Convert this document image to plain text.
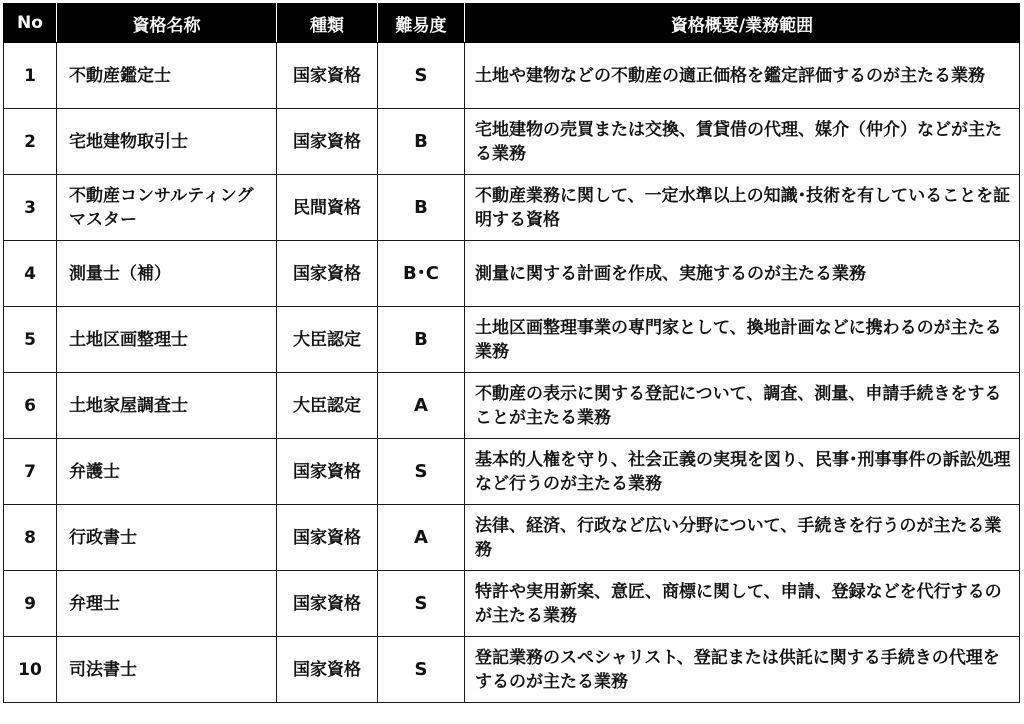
No	資格名称	種類	難易度	資格概要/業務範囲
1	不動産鑑定士	国家資格	S	土地や建物などの不動産の適正価格を鑑定評価するのが主たる業務
2	宅地建物取引士	国家資格	B	宅地建物の売買または交換、賃貸借の代理、媒介（仲介）などが主たる業務
3	不動産コンサルティングマスター	民間資格	B	不動産業務に関して、一定水準以上の知識･技術を有していることを証明する資格
4	測量士（補）	国家資格	B･C	測量に関する計画を作成、実施するのが主たる業務
5	土地区画整理士	大臣認定	B	土地区画整理事業の専門家として、換地計画などに携わるのが主たる業務
6	土地家屋調査士	大臣認定	A	不動産の表示に関する登記について、調査、測量、申請手続きをすることが主たる業務
7	弁護士	国家資格	S	基本的人権を守り、社会正義の実現を図り、民事･刑事事件の訴訟処理など行うのが主たる業務
8	行政書士	国家資格	A	法律、経済、行政など広い分野について、手続きを行うのが主たる業務
9	弁理士	国家資格	S	特許や実用新案、意匠、商標に関して、申請、登録などを代行するのが主たる業務
10	司法書士	国家資格	S	登記業務のスペシャリスト、登記または供託に関する手続きの代理をするのが主たる業務
